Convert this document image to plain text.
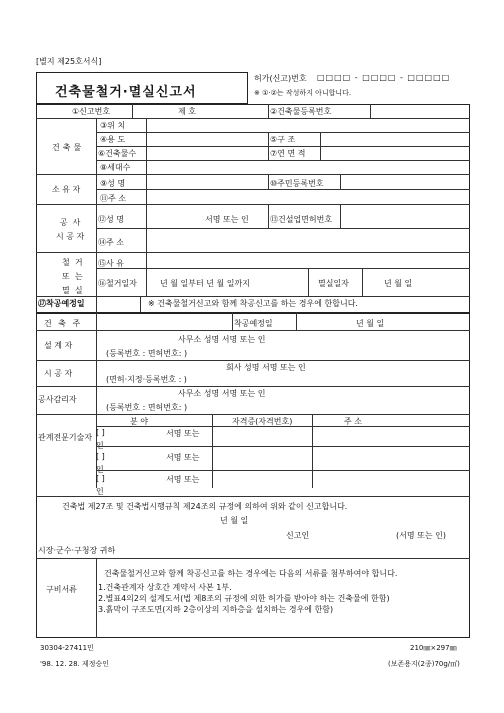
[별지 제25호서식]
건축물철거·멸실신고서
허가(신고)번호 □□□□ - □□□□ - □□□□□
※ ①·②는 작성하지 아니합니다.
①신고번호	제 호	②건축물등록번호
건축물
③위 치
④용 도	⑤구 조
⑥건축물수	⑦연 면 적
⑧세대수
소 유 자
⑨성 명	⑩주민등록번호
⑪주 소
공  사
시 공 자
⑫성 명	서명 또는 인	⑬건설업면허번호
⑭주 소
철  거
또  는
멸  실
⑮사 유
⑯철거일자	년 월 일부터 년 월 일까지	멸실일자	년 월 일
⑰착공예정일	※ 건축물철거신고와 함께 착공신고를 하는 경우에 한합니다.
건 축 주	착공예정일	년 월 일
설 계 자
사무소 성명 서명 또는 인
(등록번호 : 면허번호: )
시 공 자
회사 성명 서명 또는 인
(면허·지정·등록번호 : )
공사감리자
사무소 성명 서명 또는 인
(등록번호 : 면허번호: )
관계전문기술자
분 야	자격증(자격번호)	주 소
[ ]	서명 또는
인
[ ]	서명 또는
인
[ ]	서명 또는
인
건축법 제27조 및 건축법시행규칙 제24조의 규정에 의하여 위와 같이 신고합니다.
년 월 일
신고인	(서명 또는 인)
시장·군수·구청장 귀하
구비서류
건축물철거신고와 함께 착공신고를 하는 경우에는 다음의 서류를 첨부하여야 합니다.
1.건축관계자 상호간 계약서 사본 1부.
2.별표4의2의 설계도서(법 제8조의 규정에 의한 허가를 받아야 하는 건축물에 한함)
3.흙막이 구조도면(지하 2층이상의 지하층을 설치하는 경우에 한함)
30304-27411민	210㎜×297㎜
'98. 12. 28. 제정승인	(보존용지(2종)70g/㎡)
